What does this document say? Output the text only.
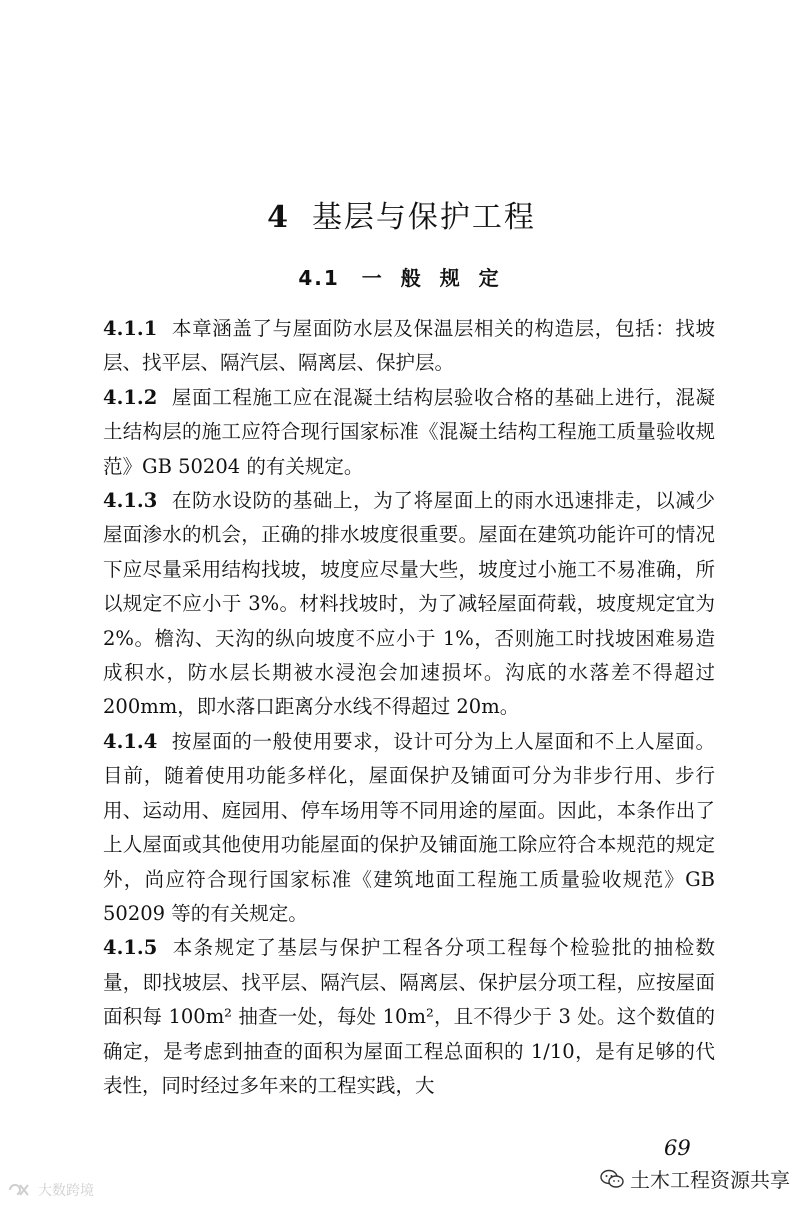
4 基层与保护工程
4.1 一 般 规 定

4.1.1 本章涵盖了与屋面防水层及保温层相关的构造层，包括：找坡层、找平层、隔汽层、隔离层、保护层。

4.1.2 屋面工程施工应在混凝土结构层验收合格的基础上进行，混凝土结构层的施工应符合现行国家标准《混凝土结构工程施工质量验收规范》GB 50204 的有关规定。

4.1.3 在防水设防的基础上，为了将屋面上的雨水迅速排走，以减少屋面渗水的机会，正确的排水坡度很重要。屋面在建筑功能许可的情况下应尽量采用结构找坡，坡度应尽量大些，坡度过小施工不易准确，所以规定不应小于 3%。材料找坡时，为了减轻屋面荷载，坡度规定宜为 2%。檐沟、天沟的纵向坡度不应小于 1%，否则施工时找坡困难易造成积水，防水层长期被水浸泡会加速损坏。沟底的水落差不得超过 200mm，即水落口距离分水线不得超过 20m。

4.1.4 按屋面的一般使用要求，设计可分为上人屋面和不上人屋面。目前，随着使用功能多样化，屋面保护及铺面可分为非步行用、步行用、运动用、庭园用、停车场用等不同用途的屋面。因此，本条作出了上人屋面或其他使用功能屋面的保护及铺面施工除应符合本规范的规定外，尚应符合现行国家标准《建筑地面工程施工质量验收规范》GB 50209 等的有关规定。

4.1.5 本条规定了基层与保护工程各分项工程每个检验批的抽检数量，即找坡层、找平层、隔汽层、隔离层、保护层分项工程，应按屋面面积每 100m² 抽查一处，每处 10m²，且不得少于 3 处。这个数值的确定，是考虑到抽查的面积为屋面工程总面积的 1/10，是有足够的代表性，同时经过多年来的工程实践，大

69
土木工程资源共享
大数跨境
